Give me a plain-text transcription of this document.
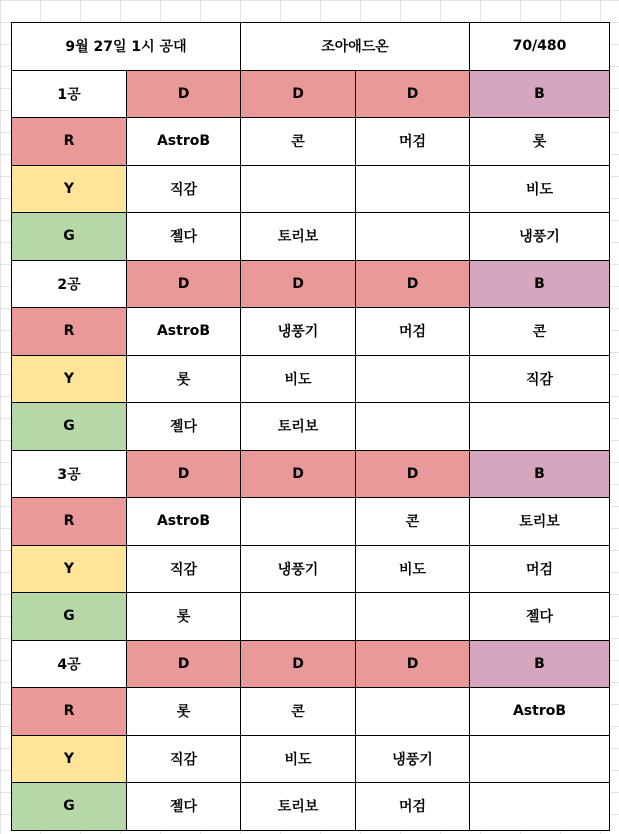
9월 27일 1시 공대		조아애드온		70/480
1공	D	D	D	B
R	AstroB	콘	머검	롯
Y	직감			비도
G	젤다	토리보		냉풍기
2공	D	D	D	B
R	AstroB	냉풍기	머검	콘
Y	롯	비도		직감
G	젤다	토리보		
3공	D	D	D	B
R	AstroB		콘	토리보
Y	직감	냉풍기	비도	머검
G	롯			젤다
4공	D	D	D	B
R	롯	콘		AstroB
Y	직감	비도	냉풍기	
G	젤다	토리보	머검	
